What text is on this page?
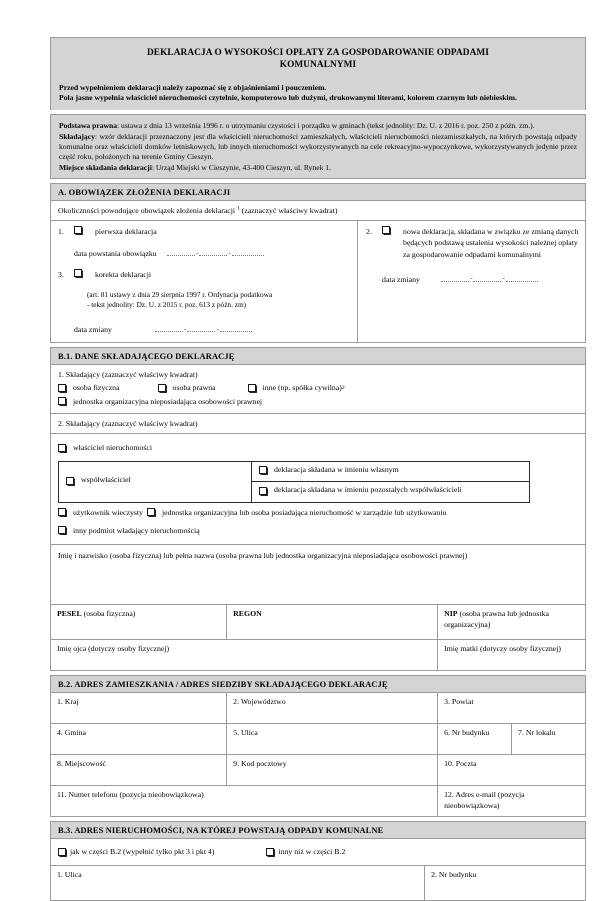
DEKLARACJA O WYSOKOŚCI OPŁATY ZA GOSPODAROWANIE ODPADAMI
KOMUNALNYMI
Przed wypełnieniem deklaracji należy zapoznać się z objaśnieniami i pouczeniem.
Pola jasne wypełnia właściciel nieruchomości czytelnie, komputerowo lub dużymi, drukowanymi literami, kolorem czarnym lub niebieskim.
Podstawa prawna: ustawa z dnia 13 września 1996 r. o utrzymaniu czystości i porządku w gminach (tekst jednolity: Dz. U. z 2016 r. poz. 250 z późn. zm.).
Składający: wzór deklaracji przeznaczony jest dla właścicieli nieruchomości zamieszkałych, właścicieli nieruchomości niezamieszkałych, na których powstają odpady komunalne oraz właścicieli domków letniskowych, lub innych nieruchomości wykorzystywanych na cele rekreacyjno-wypoczynkowe, wykorzystywanych jedynie przez część roku, położonych na terenie Gminy Cieszyn.
Miejsce składania deklaracji: Urząd Miejski w Cieszynie, 43-400 Cieszyn, ul. Rynek 1.
A. OBOWIĄZEK ZŁOŻENIA DEKLARACJI
Okoliczności powodujące obowiązek złożenia deklaracji $^1$ (zaznaczyć właściwy kwadrat)
1.	pierwsza deklaracja
data powstania obowiązku	-	-
3.	korekta deklaracji
(art. 81 ustawy z dnia 29 sierpnia 1997 r. Ordynacja podatkowa
- tekst jednolity: Dz. U. z 2015 r. poz. 613 z późn. zm)
data zmiany	-	-
2.	nowa deklaracja, składana w związku ze zmianą danych będących podstawą ustalenia wysokości należnej opłaty za gospodarowanie odpadami komunalnymi
data zmiany	-	-
B.1. DANE SKŁADAJĄCEGO DEKLARACJĘ
1. Składający (zaznaczyć właściwy kwadrat)
osoba fizyczna	osoba prawna	inne (np. spółka cywilna) 2
jednostka organizacyjna nieposiadająca osobowości prawnej
2. Składający (zaznaczyć właściwy kwadrat)
właściciel nieruchomości
współwłaściciel

deklaracja składana w imieniu własnym

deklaracja składana w imieniu pozostałych współwłaścicieli
użytkownik wieczysty
jednostka organizacyjna lub osoba posiadająca nieruchomość w zarządzie lub użytkowaniu

inny podmiot władający nieruchomością
Imię i nazwisko (osoba fizyczna) lub pełna nazwa (osoba prawna lub jednostka organizacyjna nieposiadająca osobowości prawnej)
PESEL (osoba fizyczna)	REGON	NIP (osoba prawna lub jednostka organizacyjna)
Imię ojca (dotyczy osoby fizycznej)		Imię matki (dotyczy osoby fizycznej)
B.2. ADRES ZAMIESZKANIA / ADRES SIEDZIBY SKŁADAJĄCEGO DEKLARACJĘ
1. Kraj	2. Województwo	3. Powiat	
4. Gmina	5. Ulica	6. Nr budynku	7. Nr lokalu
8. Miejscowość	9. Kod pocztowy	10. Poczta	
11. Numer telefonu (pozycja nieobowiązkowa)		12. Adres e-mail (pozycja nieobowiązkowa)	
B.3. ADRES NIERUCHOMOŚCI, NA KTÓREJ POWSTAJĄ ODPADY KOMUNALNE
jak w części B.2 (wypełnić tylko pkt 3 i pkt 4)	inny niż w części B.2
1. Ulica	2. Nr budynku
